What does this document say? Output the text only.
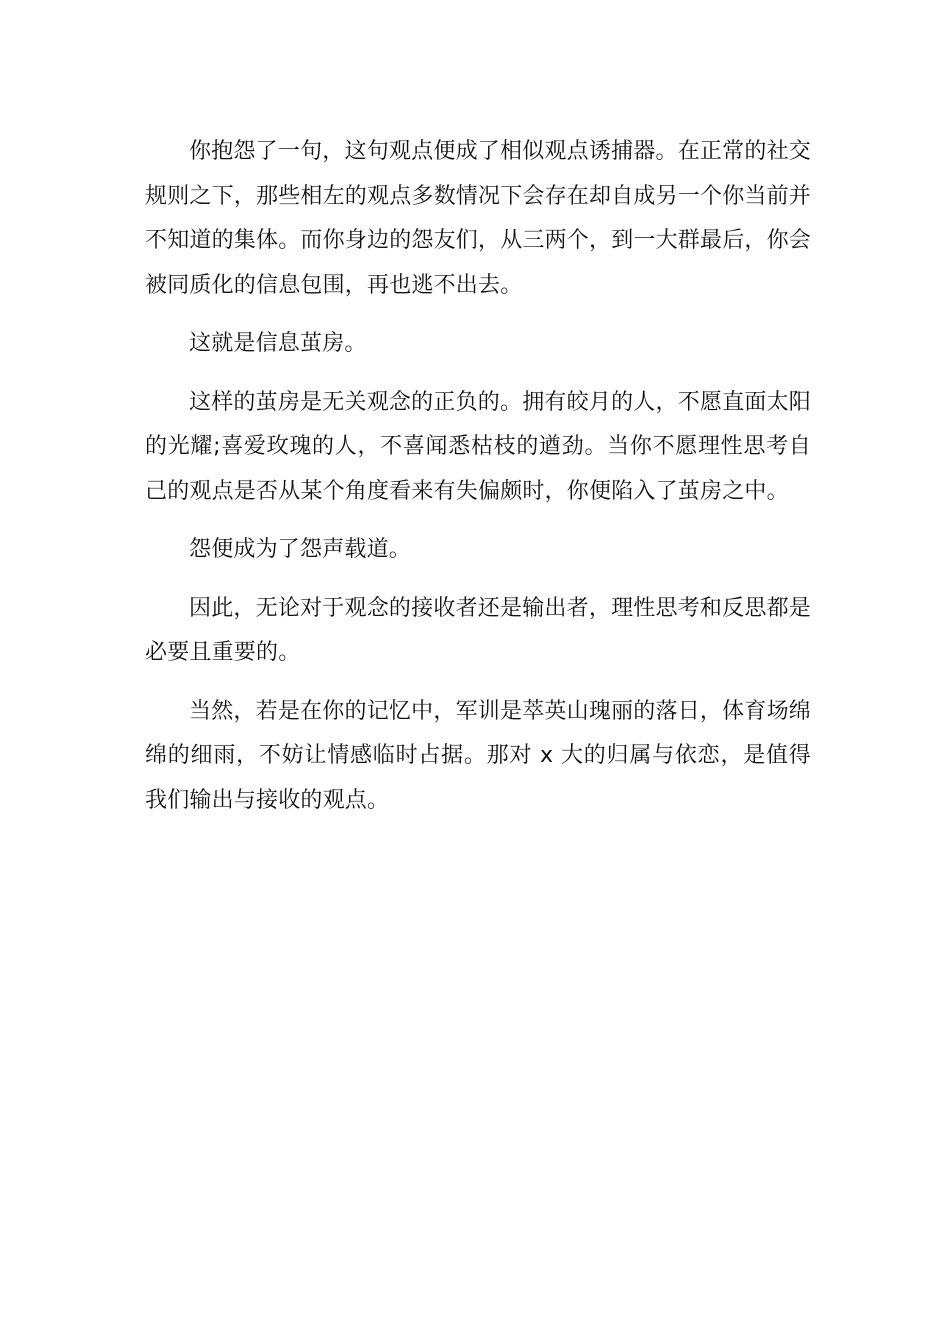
你抱怨了一句，这句观点便成了相似观点诱捕器。在正常的社交规则之下，那些相左的观点多数情况下会存在却自成另一个你当前并不知道的集体。而你身边的怨友们，从三两个，到一大群最后，你会被同质化的信息包围，再也逃不出去。

这就是信息茧房。

这样的茧房是无关观念的正负的。拥有皎月的人，不愿直面太阳的光耀;喜爱玫瑰的人，不喜闻悉枯枝的遒劲。当你不愿理性思考自己的观点是否从某个角度看来有失偏颇时，你便陷入了茧房之中。

怨便成为了怨声载道。

因此，无论对于观念的接收者还是输出者，理性思考和反思都是必要且重要的。

当然，若是在你的记忆中，军训是萃英山瑰丽的落日，体育场绵绵的细雨，不妨让情感临时占据。那对 x 大的归属与依恋，是值得我们输出与接收的观点。
